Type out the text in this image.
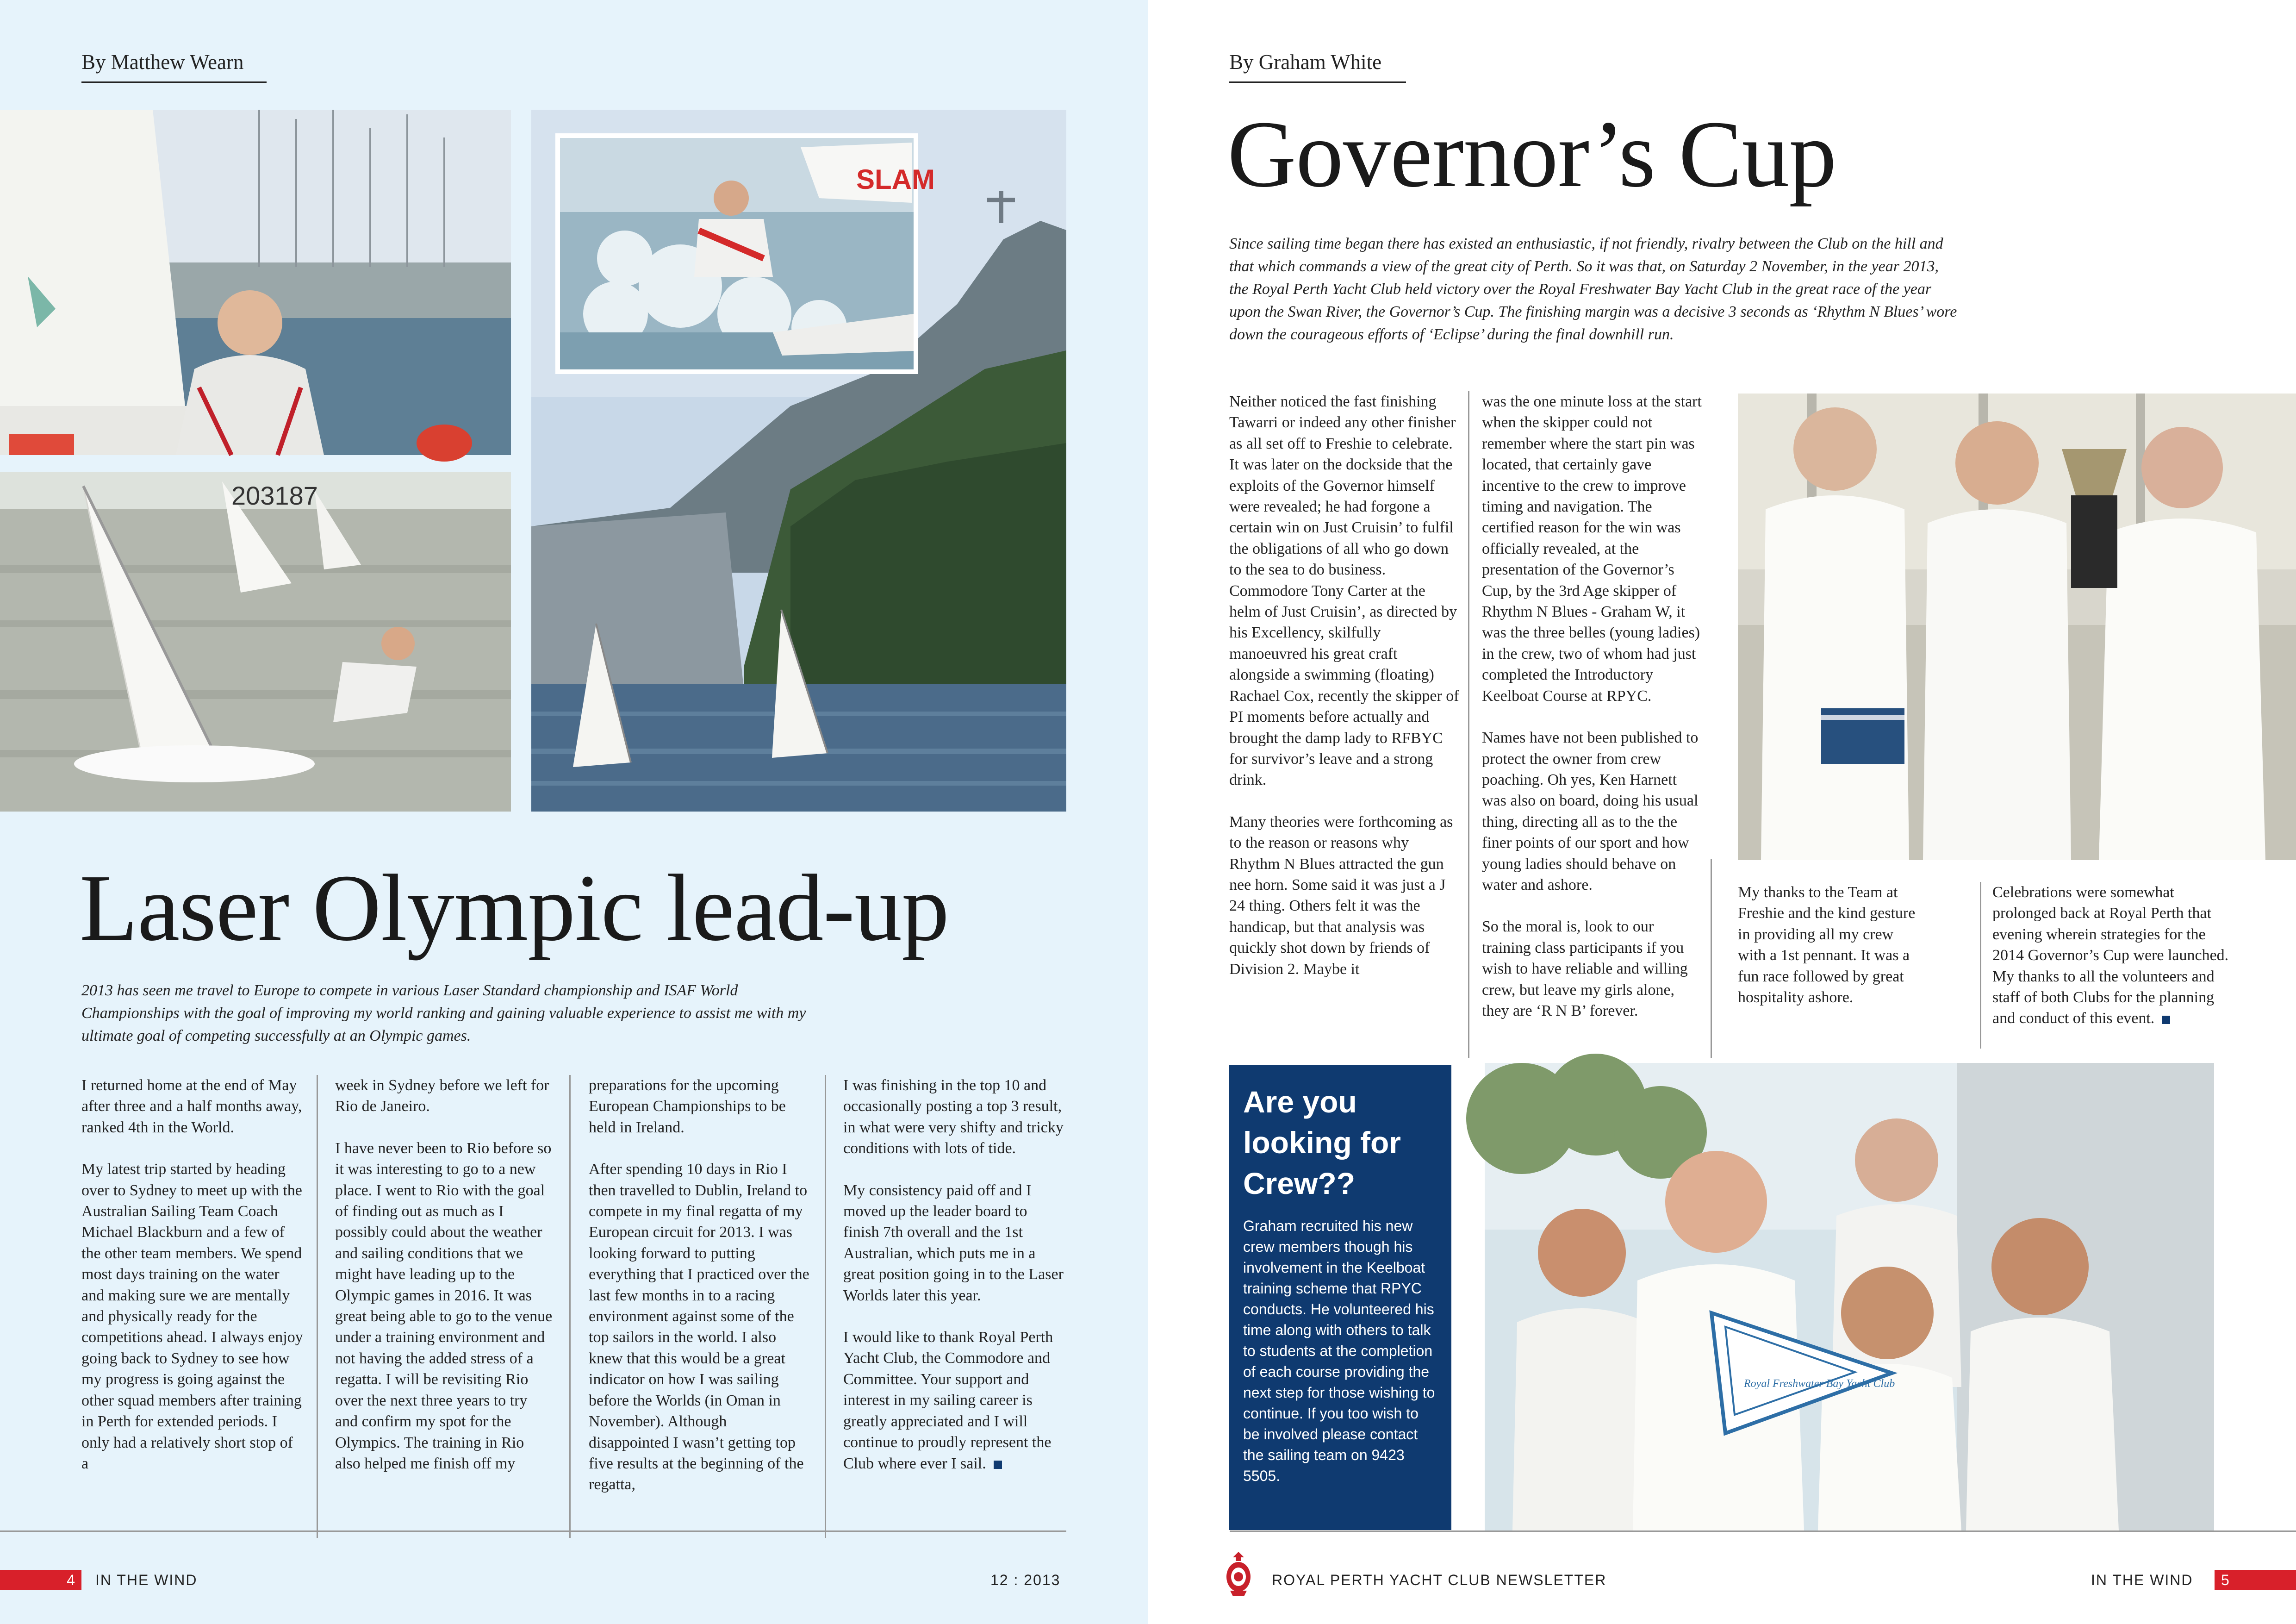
By Matthew Wearn
203187
SLAM
Laser Olympic lead-up

2013 has seen me travel to Europe to compete in various Laser Standard championship and ISAF World Championships with the goal of improving my world ranking and gaining valuable experience to assist me with my ultimate goal of competing successfully at an Olympic games.

I returned home at the end of May after three and a half months away, ranked 4th in the World.

My latest trip started by heading over to Sydney to meet up with the Australian Sailing Team Coach Michael Blackburn and a few of the other team members. We spend most days training on the water and making sure we are mentally and physically ready for the competitions ahead. I always enjoy going back to Sydney to see how my progress is going against the other squad members after training in Perth for extended periods. I only had a relatively short stop of a

week in Sydney before we left for Rio de Janeiro.

I have never been to Rio before so it was interesting to go to a new place. I went to Rio with the goal of finding out as much as I possibly could about the weather and sailing conditions that we might have leading up to the Olympic games in 2016. It was great being able to go to the venue under a training environment and not having the added stress of a regatta. I will be revisiting Rio over the next three years to try and confirm my spot for the Olympics. The training in Rio also helped me finish off my

preparations for the upcoming European Championships to be held in Ireland.

After spending 10 days in Rio I then travelled to Dublin, Ireland to compete in my final regatta of my European circuit for 2013. I was looking forward to putting everything that I practiced over the last few months in to a racing environment against some of the top sailors in the world. I also knew that this would be a great indicator on how I was sailing before the Worlds (in Oman in November). Although disappointed I wasn’t getting top five results at the beginning of the regatta,

I was finishing in the top 10 and occasionally posting a top 3 result, in what were very shifty and tricky conditions with lots of tide.

My consistency paid off and I moved up the leader board to finish 7th overall and the 1st Australian, which puts me in a great position going in to the Laser Worlds later this year.

I would like to thank Royal Perth Yacht Club, the Commodore and Committee. Your support and interest in my sailing career is greatly appreciated and I will continue to proudly represent the Club where ever I sail.

4	IN THE WIND	12 : 2013
By Graham White
Governor’s Cup

Since sailing time began there has existed an enthusiastic, if not friendly, rivalry between the Club on the hill and that which commands a view of the great city of Perth. So it was that, on Saturday 2 November, in the year 2013, the Royal Perth Yacht Club held victory over the Royal Freshwater Bay Yacht Club in the great race of the year upon the Swan River, the Governor’s Cup. The finishing margin was a decisive 3 seconds as ‘Rhythm N Blues’ wore down the courageous efforts of ‘Eclipse’ during the final downhill run.

Neither noticed the fast finishing Tawarri or indeed any other finisher as all set off to Freshie to celebrate. It was later on the dockside that the exploits of the Governor himself were revealed; he had forgone a certain win on Just Cruisin’ to fulfil the obligations of all who go down to the sea to do business. Commodore Tony Carter at the helm of Just Cruisin’, as directed by his Excellency, skilfully manoeuvred his great craft alongside a swimming (floating) Rachael Cox, recently the skipper of PI moments before actually and brought the damp lady to RFBYC for survivor’s leave and a strong drink.

Many theories were forthcoming as to the reason or reasons why Rhythm N Blues attracted the gun nee horn. Some said it was just a J 24 thing. Others felt it was the handicap, but that analysis was quickly shot down by friends of Division 2. Maybe it

was the one minute loss at the start when the skipper could not remember where the start pin was located, that certainly gave incentive to the crew to improve timing and navigation. The certified reason for the win was officially revealed, at the presentation of the Governor’s Cup, by the 3rd Age skipper of Rhythm N Blues - Graham W, it was the three belles (young ladies) in the crew, two of whom had just completed the Introductory Keelboat Course at RPYC.

Names have not been published to protect the owner from crew poaching. Oh yes, Ken Harnett was also on board, doing his usual thing, directing all as to the the finer points of our sport and how young ladies should behave on water and ashore.

So the moral is, look to our training class participants if you wish to have reliable and willing crew, but leave my girls alone, they are ‘R N B’ forever.

My thanks to the Team at Freshie and the kind gesture in providing all my crew with a 1st pennant. It was a fun race followed by great hospitality ashore.

Celebrations were somewhat prolonged back at Royal Perth that evening wherein strategies for the 2014 Governor’s Cup were launched. My thanks to all the volunteers and staff of both Clubs for the planning and conduct of this event.

Are you looking for Crew??

Graham recruited his new crew members though his involvement in the Keelboat training scheme that RPYC conducts. He volunteered his time along with others to talk to students at the completion of each course providing the next step for those wishing to continue. If you too wish to be involved please contact the sailing team on 9423 5505.

Royal Freshwater Bay Yacht Club
ROYAL PERTH YACHT CLUB NEWSLETTER	IN THE WIND	5
